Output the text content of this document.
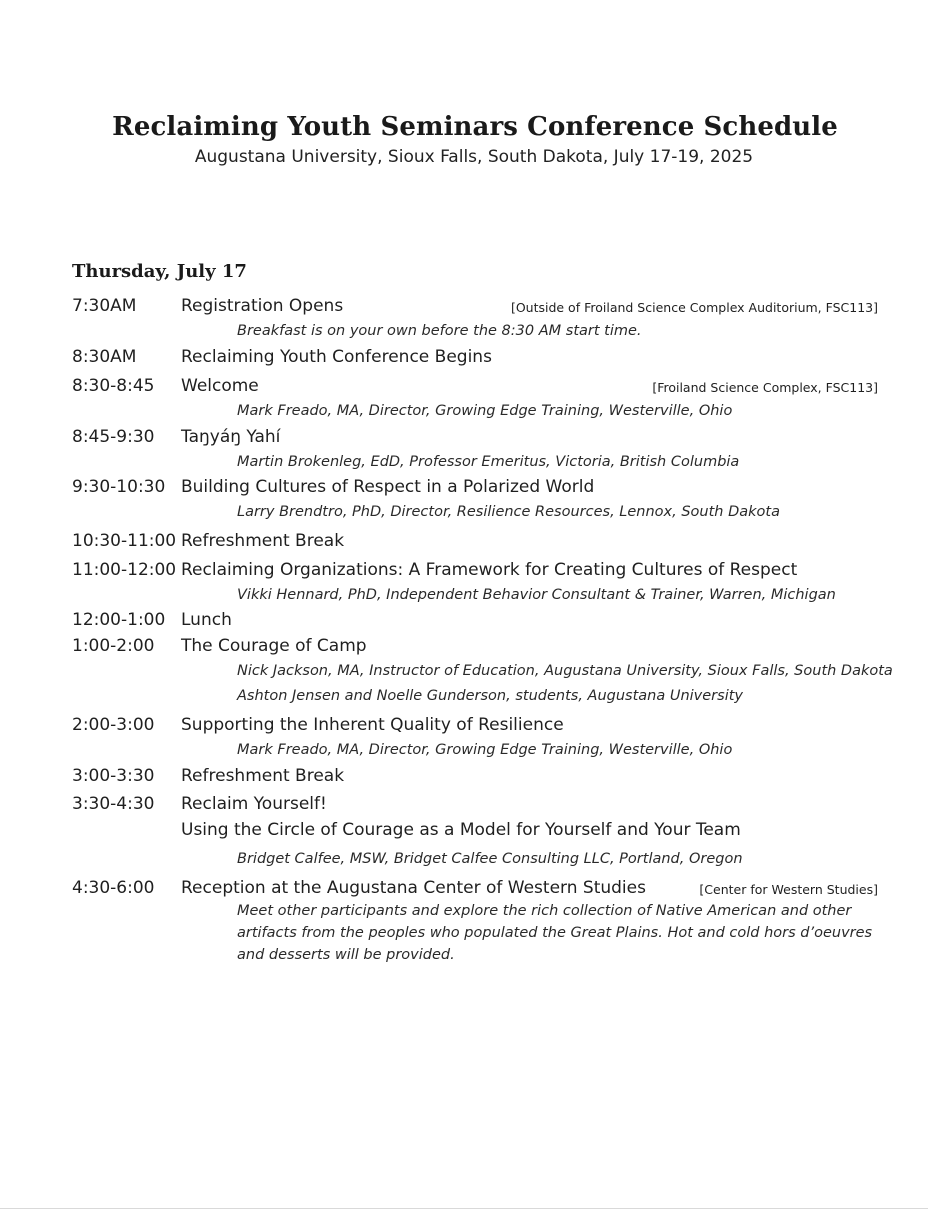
Reclaiming Youth Seminars Conference Schedule
Augustana University, Sioux Falls, South Dakota, July 17-19, 2025
Thursday, July 17
7:30AM	Registration Opens	[Outside of Froiland Science Complex Auditorium, FSC113]
Breakfast is on your own before the 8:30 AM start time.
8:30AM	Reclaiming Youth Conference Begins
8:30-8:45 Welcome	[Froiland Science Complex, FSC113]
Mark Freado, MA, Director, Growing Edge Training, Westerville, Ohio
8:45-9:30 Taŋyáŋ Yahí
Martin Brokenleg, EdD, Professor Emeritus, Victoria, British Columbia
9:30-10:30 Building Cultures of Respect in a Polarized World
Larry Brendtro, PhD, Director, Resilience Resources, Lennox, South Dakota
10:30-11:00 Refreshment Break
11:00-12:00 Reclaiming Organizations: A Framework for Creating Cultures of Respect
Vikki Hennard, PhD, Independent Behavior Consultant & Trainer, Warren, Michigan
12:00-1:00 Lunch
1:00-2:00 The Courage of Camp
Nick Jackson, MA, Instructor of Education, Augustana University, Sioux Falls, South Dakota
Ashton Jensen and Noelle Gunderson, students, Augustana University
2:00-3:00 Supporting the Inherent Quality of Resilience
Mark Freado, MA, Director, Growing Edge Training, Westerville, Ohio
3:00-3:30 Refreshment Break
3:30-4:30 Reclaim Yourself!
Using the Circle of Courage as a Model for Yourself and Your Team
Bridget Calfee, MSW, Bridget Calfee Consulting LLC, Portland, Oregon
4:30-6:00 Reception at the Augustana Center of Western Studies	[Center for Western Studies]
Meet other participants and explore the rich collection of Native American and other artifacts from the peoples who populated the Great Plains. Hot and cold hors d’oeuvres and desserts will be provided.
